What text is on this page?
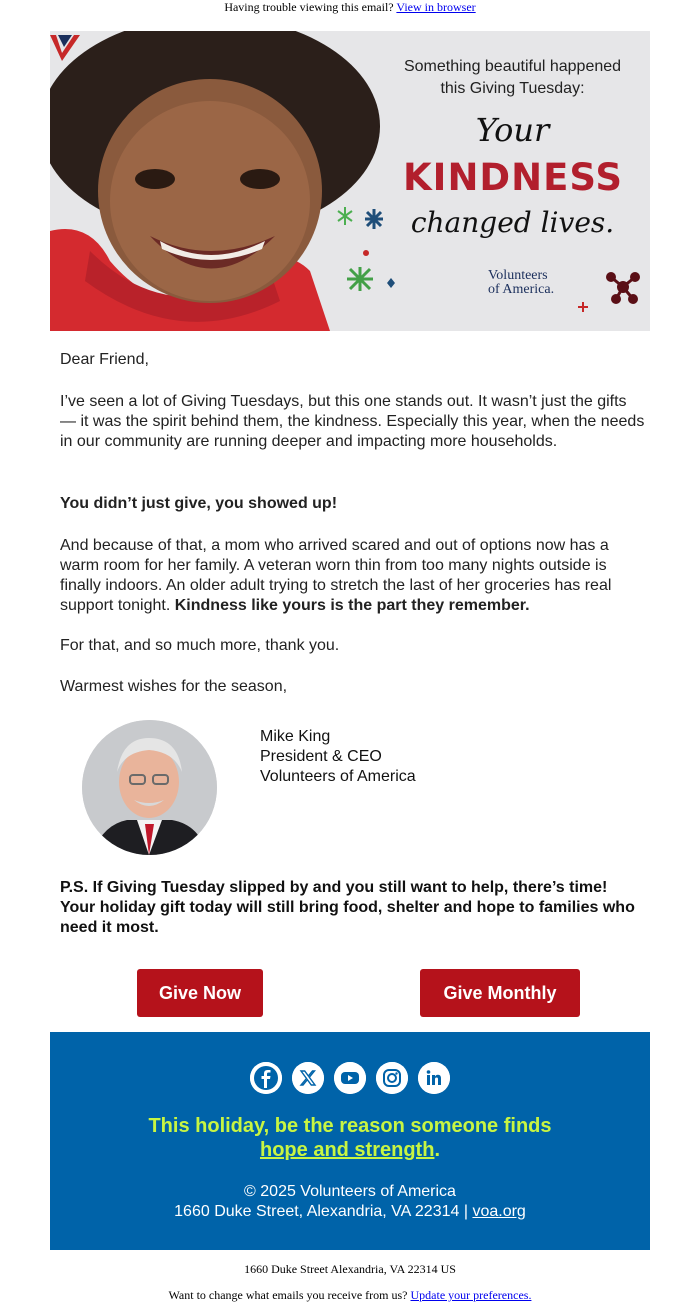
Having trouble viewing this email? View in browser
Something beautiful happened
this Giving Tuesday:
Your
KINDNESS
changed lives.
Volunteers
of America.
Dear Friend,
I’ve seen a lot of Giving Tuesdays, but this one stands out. It wasn’t just the gifts — it was the spirit behind them, the kindness. Especially this year, when the needs in our community are running deeper and impacting more households.
You didn’t just give, you showed up!
And because of that, a mom who arrived scared and out of options now has a warm room for her family. A veteran worn thin from too many nights outside is finally indoors. An older adult trying to stretch the last of her groceries has real support tonight. Kindness like yours is the part they remember.
For that, and so much more, thank you.
Warmest wishes for the season,
Mike King
President & CEO
Volunteers of America
P.S. If Giving Tuesday slipped by and you still want to help, there’s time! Your holiday gift today will still bring food, shelter and hope to families who need it most.
Give Now	Give Monthly
This holiday, be the reason someone finds
hope and strength.
© 2025 Volunteers of America
1660 Duke Street, Alexandria, VA 22314 | voa.org
1660 Duke Street Alexandria, VA 22314 US
Want to change what emails you receive from us? Update your preferences.
